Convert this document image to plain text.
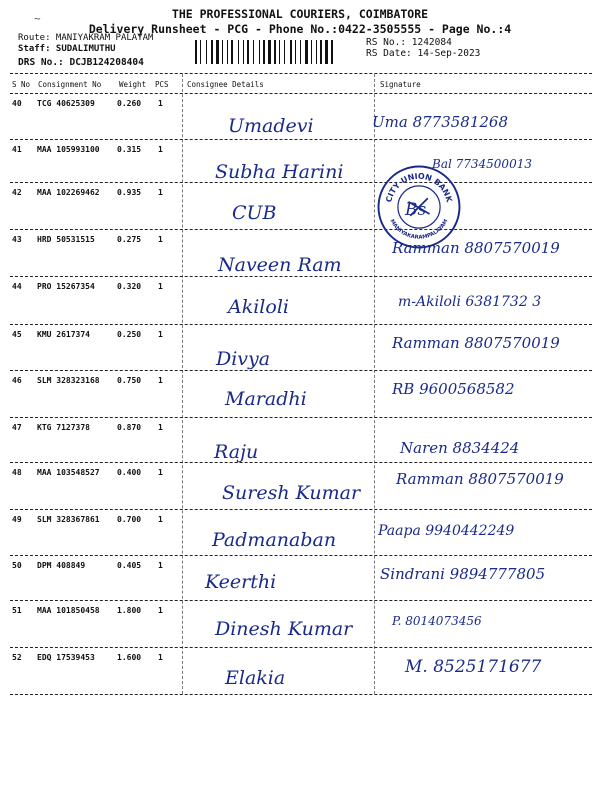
~	THE PROFESSIONAL COURIERS, COIMBATORE
Delivery Runsheet - PCG - Phone No.:0422-3505555 - Page No.:4
Route: MANIYAKRAM PALAYAM
Staff: SUDALIMUTHU
DRS No.: DCJB124208404
RS No.: 1242084
RS Date: 14-Sep-2023
S No Consignment No Weight PCS Consignee Details	Signature
40 TCG 40625309	0.260 1
Umadevi	Uma 8773581268
41 MAA 105993100 0.315 1
Subha Harini	Bal 7734500013
42 MAA 102269462 0.935 1
CUB	Bs
CITY UNION BANK
MANIYAKARAMPALAYAM
43 HRD 50531515	0.275 1
Naveen Ram
Ramman 8807570019
44 PRO 15267354	0.320 1
Akiloli	m-Akiloli 6381732 3
45 KMU 2617374	0.250 1
Divya
Ramman 8807570019
46 SLM 328323168 0.750 1
Maradhi	RB 9600568582
47 KTG 7127378	0.870 1
Raju	Naren 8834424
48 MAA 103548527 0.400 1
Suresh Kumar
Ramman 8807570019
49 SLM 328367861 0.700 1
Padmanaban	Paapa 9940442249
50 DPM 408849	0.405 1
Keerthi	Sindrani 9894777805
51 MAA 101850458 1.800 1
Dinesh Kumar	P. 8014073456
52 EDQ 17539453	1.600 1
Elakia	M. 8525171677
